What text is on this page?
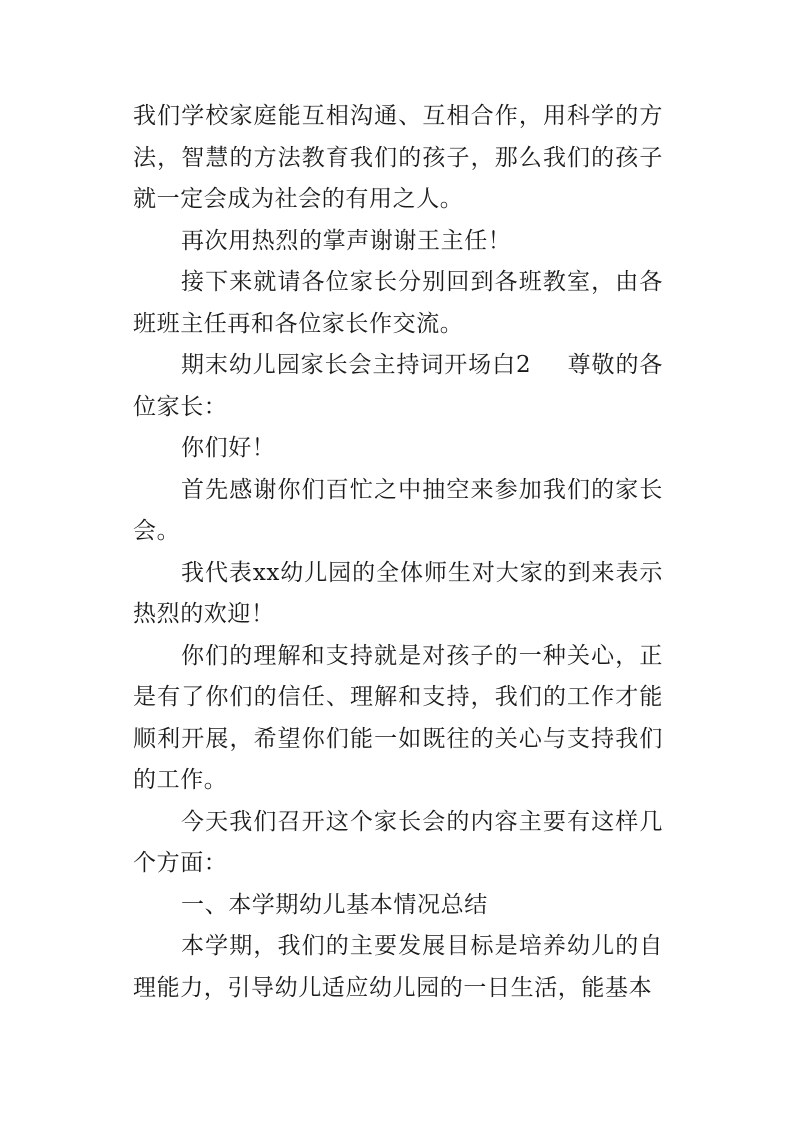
我们学校家庭能互相沟通、互相合作，用科学的方法，智慧的方法教育我们的孩子，那么我们的孩子就一定会成为社会的有用之人。

再次用热烈的掌声谢谢王主任！

接下来就请各位家长分别回到各班教室，由各班班主任再和各位家长作交流。

期末幼儿园家长会主持词开场白2 尊敬的各位家长：

你们好！

首先感谢你们百忙之中抽空来参加我们的家长会。

我代表xx幼儿园的全体师生对大家的到来表示热烈的欢迎！

你们的理解和支持就是对孩子的一种关心，正是有了你们的信任、理解和支持，我们的工作才能顺利开展，希望你们能一如既往的关心与支持我们的工作。

今天我们召开这个家长会的内容主要有这样几个方面：

一、本学期幼儿基本情况总结

本学期，我们的主要发展目标是培养幼儿的自理能力，引导幼儿适应幼儿园的一日生活，能基本
